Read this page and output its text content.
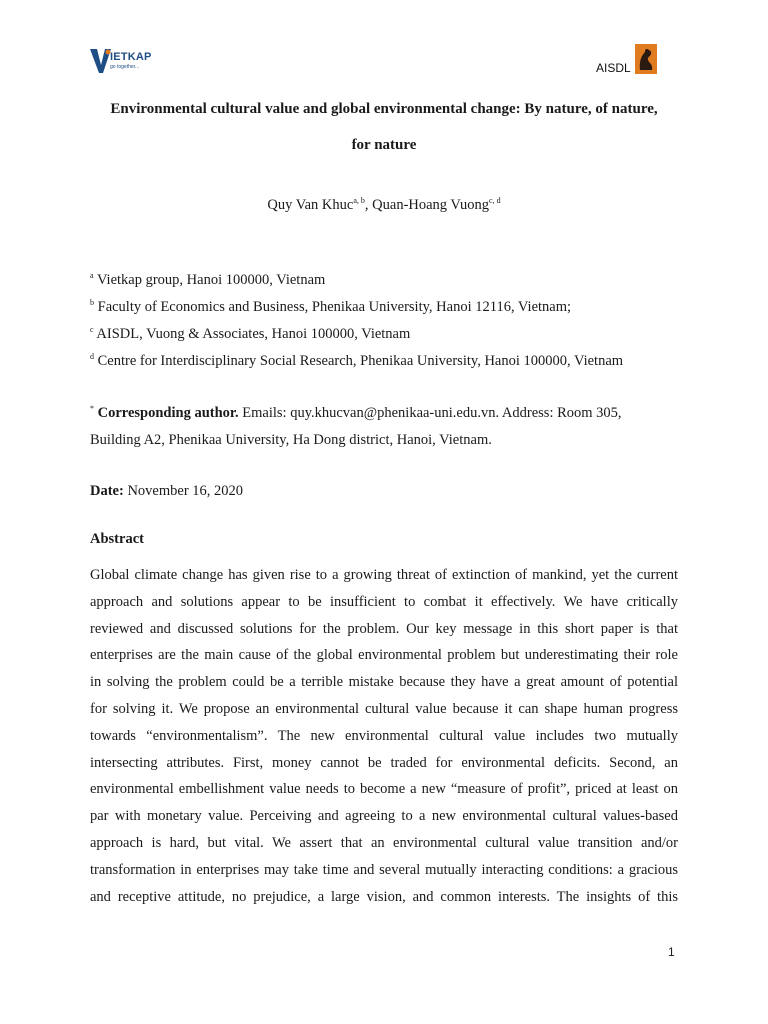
IETKAP
go together...	AISDL
Environmental cultural value and global environmental change: By nature, of nature,
for nature
Quy Van Khuc$^{a, b}$, Quan-Hoang Vuong$^{c, d}$
$^a$ Vietkap group, Hanoi 100000, Vietnam
$^b$ Faculty of Economics and Business, Phenikaa University, Hanoi 12116, Vietnam;
$^c$ AISDL, Vuong & Associates, Hanoi 100000, Vietnam
$^d$ Centre for Interdisciplinary Social Research, Phenikaa University, Hanoi 100000, Vietnam
* Corresponding author. Emails: quy.khucvan@phenikaa-uni.edu.vn. Address: Room 305,
Building A2, Phenikaa University, Ha Dong district, Hanoi, Vietnam.
Date: November 16, 2020
Abstract
Global climate change has given rise to a growing threat of extinction of mankind, yet the current
approach and solutions appear to be insufficient to combat it effectively. We have critically
reviewed and discussed solutions for the problem. Our key message in this short paper is that
enterprises are the main cause of the global environmental problem but underestimating their role
in solving the problem could be a terrible mistake because they have a great amount of potential
for solving it. We propose an environmental cultural value because it can shape human progress
towards “environmentalism”. The new environmental cultural value includes two mutually
intersecting attributes. First, money cannot be traded for environmental deficits. Second, an
environmental embellishment value needs to become a new “measure of profit”, priced at least on
par with monetary value. Perceiving and agreeing to a new environmental cultural values-based
approach is hard, but vital. We assert that an environmental cultural value transition and/or
transformation in enterprises may take time and several mutually interacting conditions: a gracious
and receptive attitude, no prejudice, a large vision, and common interests. The insights of this
1
